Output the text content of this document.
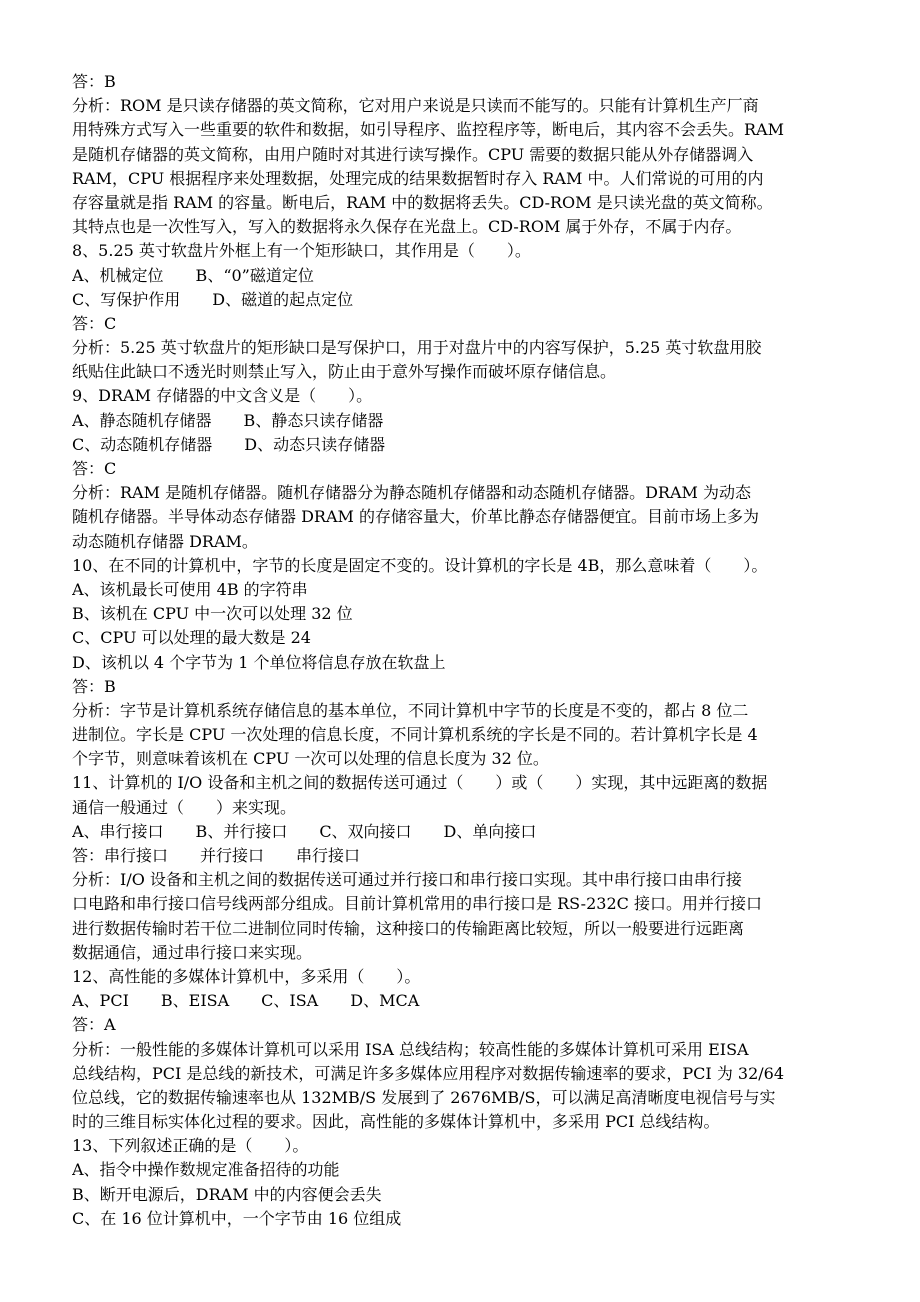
答：B
分析：ROM 是只读存储器的英文简称，它对用户来说是只读而不能写的。只能有计算机生产厂商
用特殊方式写入一些重要的软件和数据，如引导程序、监控程序等，断电后，其内容不会丢失。RAM
是随机存储器的英文简称，由用户随时对其进行读写操作。CPU 需要的数据只能从外存储器调入
RAM，CPU 根据程序来处理数据，处理完成的结果数据暂时存入 RAM 中。人们常说的可用的内
存容量就是指 RAM 的容量。断电后，RAM 中的数据将丢失。CD-ROM 是只读光盘的英文简称。
其特点也是一次性写入，写入的数据将永久保存在光盘上。CD-ROM 属于外存，不属于内存。
8、5.25 英寸软盘片外框上有一个矩形缺口，其作用是（　　）。
A、机械定位　　B、“0”磁道定位
C、写保护作用　　D、磁道的起点定位
答：C
分析：5.25 英寸软盘片的矩形缺口是写保护口，用于对盘片中的内容写保护，5.25 英寸软盘用胶
纸贴住此缺口不透光时则禁止写入，防止由于意外写操作而破坏原存储信息。
9、DRAM 存储器的中文含义是（　　）。
A、静态随机存储器　　B、静态只读存储器
C、动态随机存储器　　D、动态只读存储器
答：C
分析：RAM 是随机存储器。随机存储器分为静态随机存储器和动态随机存储器。DRAM 为动态
随机存储器。半导体动态存储器 DRAM 的存储容量大，价革比静态存储器便宜。目前市场上多为
动态随机存储器 DRAM。
10、在不同的计算机中，字节的长度是固定不变的。设计算机的字长是 4B，那么意味着（　　）。
A、该机最长可使用 4B 的字符串
B、该机在 CPU 中一次可以处理 32 位
C、CPU 可以处理的最大数是 24
D、该机以 4 个字节为 1 个单位将信息存放在软盘上
答：B
分析：字节是计算机系统存储信息的基本单位，不同计算机中字节的长度是不变的，都占 8 位二
进制位。字长是 CPU 一次处理的信息长度，不同计算机系统的字长是不同的。若计算机字长是 4
个字节，则意味着该机在 CPU 一次可以处理的信息长度为 32 位。
11、计算机的 I/O 设备和主机之间的数据传送可通过（　　）或（　　）实现，其中远距离的数据
通信一般通过（　　）来实现。
A、串行接口　　B、并行接口　　C、双向接口　　D、单向接口
答：串行接口　　并行接口　　串行接口
分析：I/O 设备和主机之间的数据传送可通过并行接口和串行接口实现。其中串行接口由串行接
口电路和串行接口信号线两部分组成。目前计算机常用的串行接口是 RS-232C 接口。用并行接口
进行数据传输时若干位二进制位同时传输，这种接口的传输距离比较短，所以一般要进行远距离
数据通信，通过串行接口来实现。
12、高性能的多媒体计算机中，多采用（　　）。
A、PCI　　B、EISA　　C、ISA　　D、MCA
答：A
分析：一般性能的多媒体计算机可以采用 ISA 总线结构；较高性能的多媒体计算机可采用 EISA
总线结构，PCI 是总线的新技术，可满足许多多媒体应用程序对数据传输速率的要求，PCI 为 32/64
位总线，它的数据传输速率也从 132MB/S 发展到了 2676MB/S，可以满足高清晰度电视信号与实
时的三维目标实体化过程的要求。因此，高性能的多媒体计算机中，多采用 PCI 总线结构。
13、下列叙述正确的是（　　）。
A、指令中操作数规定准备招待的功能
B、断开电源后，DRAM 中的内容便会丢失
C、在 16 位计算机中，一个字节由 16 位组成
